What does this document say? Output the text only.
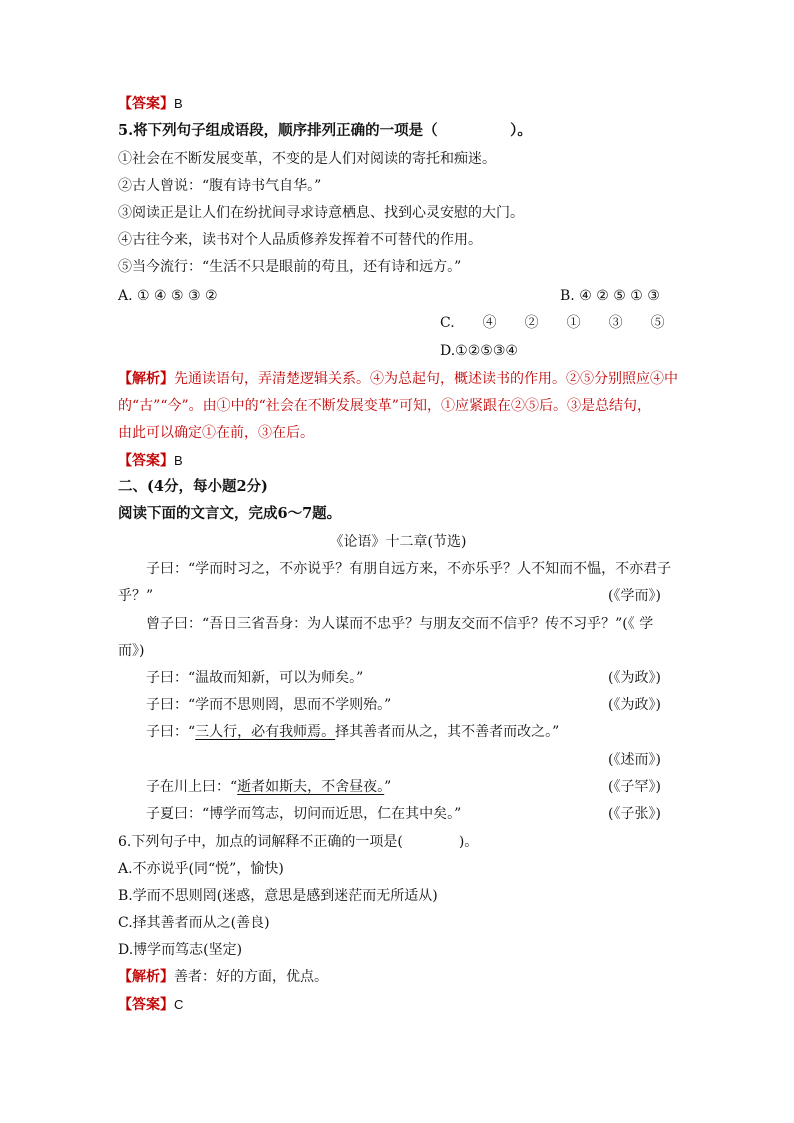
【答案】B
5.将下列句子组成语段，顺序排列正确的一项是（　　　　　）。
①社会在不断发展变革，不变的是人们对阅读的寄托和痴迷。
②古人曾说：“腹有诗书气自华。”
③阅读正是让人们在纷扰间寻求诗意栖息、找到心灵安慰的大门。
④古往今来，读书对个人品质修养发挥着不可替代的作用。
⑤当今流行：“生活不只是眼前的苟且，还有诗和远方。”
A. ① ④ ⑤ ③ ②	B. ④ ② ⑤ ① ③
C.　　④　　②　　①　　③　　⑤
D.①②⑤③④
【解析】先通读语句，弄清楚逻辑关系。④为总起句，概述读书的作用。②⑤分别照应④中
的“古”“今”。由①中的“社会在不断发展变革”可知，①应紧跟在②⑤后。③是总结句，
由此可以确定①在前，③在后。
【答案】B
二、(4分，每小题2分)
阅读下面的文言文，完成6～7题。
《论语》十二章(节选)
子曰：“学而时习之，不亦说乎？有朋自远方来，不亦乐乎？人不知而不愠，不亦君子
乎？”	(《学而》)
曾子曰：“吾日三省吾身：为人谋而不忠乎？与朋友交而不信乎？传不习乎？”(《 学
而》)
子曰：“温故而知新，可以为师矣。”	(《为政》)
子曰：“学而不思则罔，思而不学则殆。”	(《为政》)
子曰：“三人行，必有我师焉。择其善者而从之，其不善者而改之。”
(《述而》)
子在川上曰：“逝者如斯夫，不舍昼夜。”	(《子罕》)
子夏曰：“博学而笃志，切问而近思，仁在其中矣。”	(《子张》)
6.下列句子中，加点的词解释不正确的一项是(　　　　)。
A.不亦说乎(同“悦”，愉快)
B.学而不思则罔(迷惑，意思是感到迷茫而无所适从)
C.择其善者而从之(善良)
D.博学而笃志(坚定)
【解析】善者：好的方面，优点。
【答案】C
